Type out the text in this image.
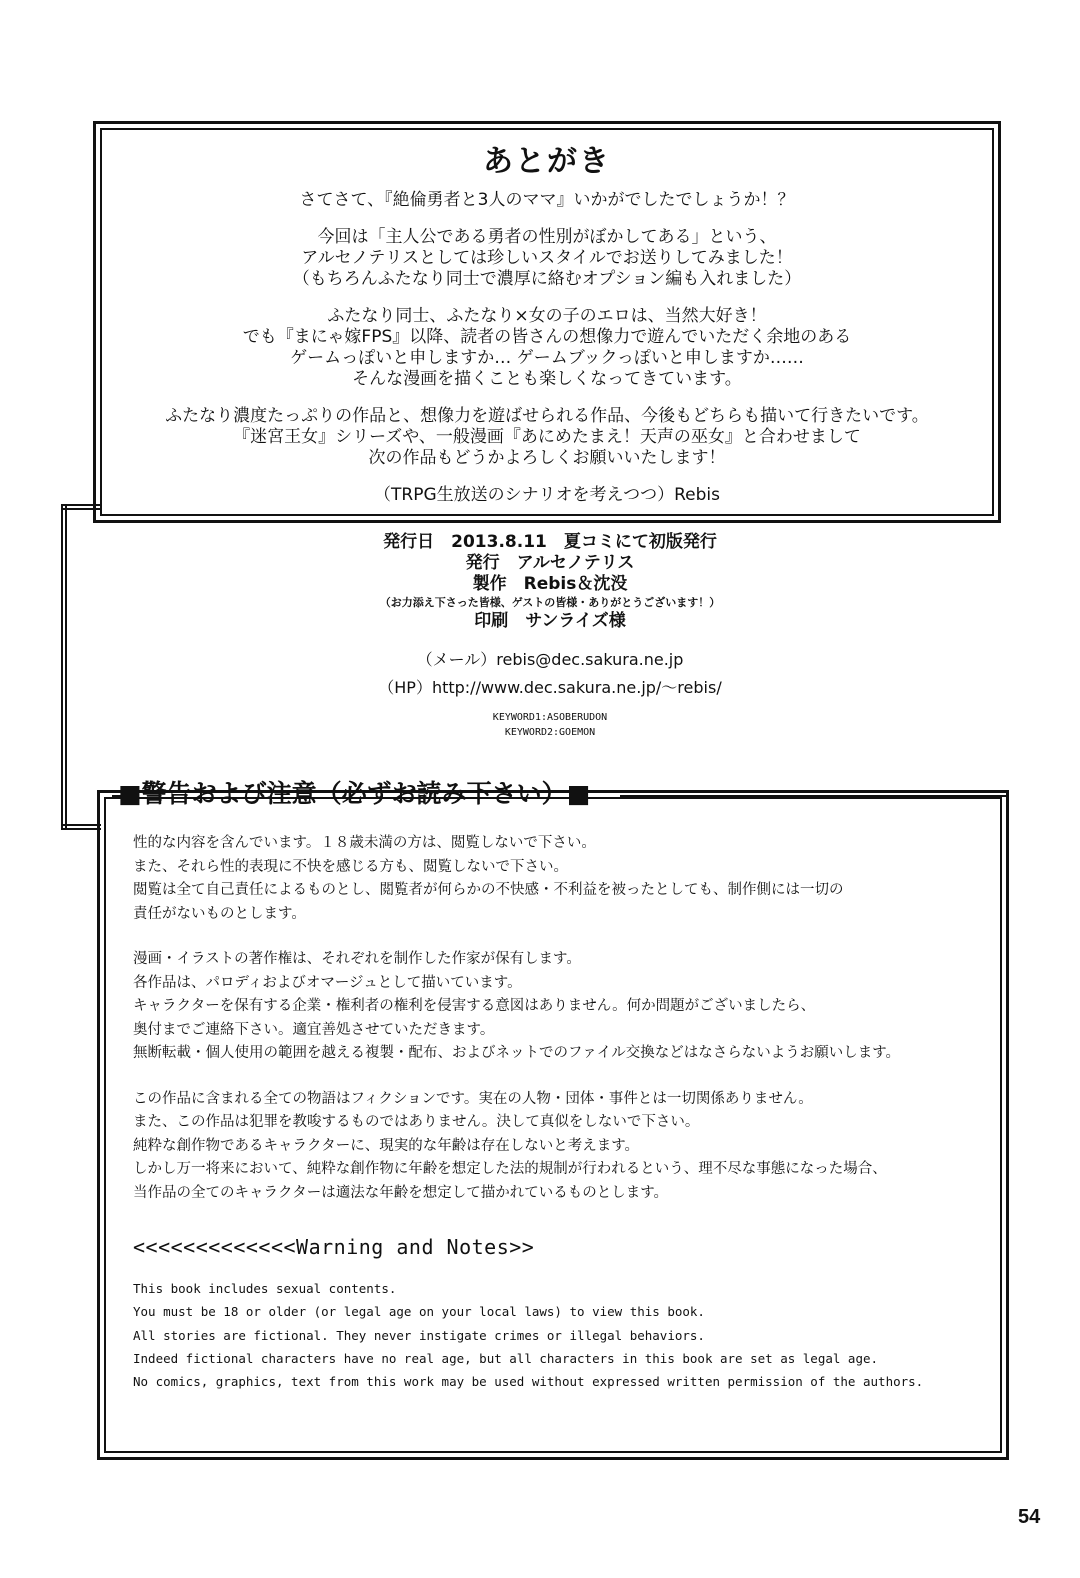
あとがき

さてさて、『絶倫勇者と3人のママ』いかがでしたでしょうか！？

今回は「主人公である勇者の性別がぼかしてある」という、

アルセノテリスとしては珍しいスタイルでお送りしてみました！

（もちろんふたなり同士で濃厚に絡むオプション編も入れました）

ふたなり同士、ふたなり×女の子のエロは、当然大好き！

でも『まにゃ嫁FPS』以降、読者の皆さんの想像力で遊んでいただく余地のある

ゲームっぽいと申しますか… ゲームブックっぽいと申しますか……

そんな漫画を描くことも楽しくなってきています。

ふたなり濃度たっぷりの作品と、想像力を遊ばせられる作品、今後もどちらも描いて行きたいです。

『迷宮王女』シリーズや、一般漫画『あにめたまえ！天声の巫女』と合わせまして

次の作品もどうかよろしくお願いいたします！

（TRPG生放送のシナリオを考えつつ）Rebis

発行日　2013.8.11　夏コミにて初版発行

発行　アルセノテリス

製作　Rebis＆沈没

（お力添え下さった皆様、ゲストの皆様・ありがとうございます！）

印刷　サンライズ様

（メール）rebis@dec.sakura.ne.jp

（HP）http://www.dec.sakura.ne.jp/～rebis/

KEYWORD1:ASOBERUDON

KEYWORD2:GOEMON

■警告および注意（必ずお読み下さい）■

性的な内容を含んでいます。１８歳未満の方は、閲覧しないで下さい。

また、それら性的表現に不快を感じる方も、閲覧しないで下さい。

閲覧は全て自己責任によるものとし、閲覧者が何らかの不快感・不利益を被ったとしても、制作側には一切の

責任がないものとします。

漫画・イラストの著作権は、それぞれを制作した作家が保有します。

各作品は、パロディおよびオマージュとして描いています。

キャラクターを保有する企業・権利者の権利を侵害する意図はありません。何か問題がございましたら、

奥付までご連絡下さい。適宜善処させていただきます。

無断転載・個人使用の範囲を越える複製・配布、およびネットでのファイル交換などはなさらないようお願いします。

この作品に含まれる全ての物語はフィクションです。実在の人物・団体・事件とは一切関係ありません。

また、この作品は犯罪を教唆するものではありません。決して真似をしないで下さい。

純粋な創作物であるキャラクターに、現実的な年齢は存在しないと考えます。

しかし万一将来において、純粋な創作物に年齢を想定した法的規制が行われるという、理不尽な事態になった場合、

当作品の全てのキャラクターは適法な年齢を想定して描かれているものとします。

<<<<<<<<<<<<<Warning and Notes>>

This book includes sexual contents.

You must be 18 or older (or legal age on your local laws) to view this book.

All stories are fictional. They never instigate crimes or illegal behaviors.

Indeed fictional characters have no real age, but all characters in this book are set as legal age.

No comics, graphics, text from this work may be used without expressed written permission of the authors.

54
